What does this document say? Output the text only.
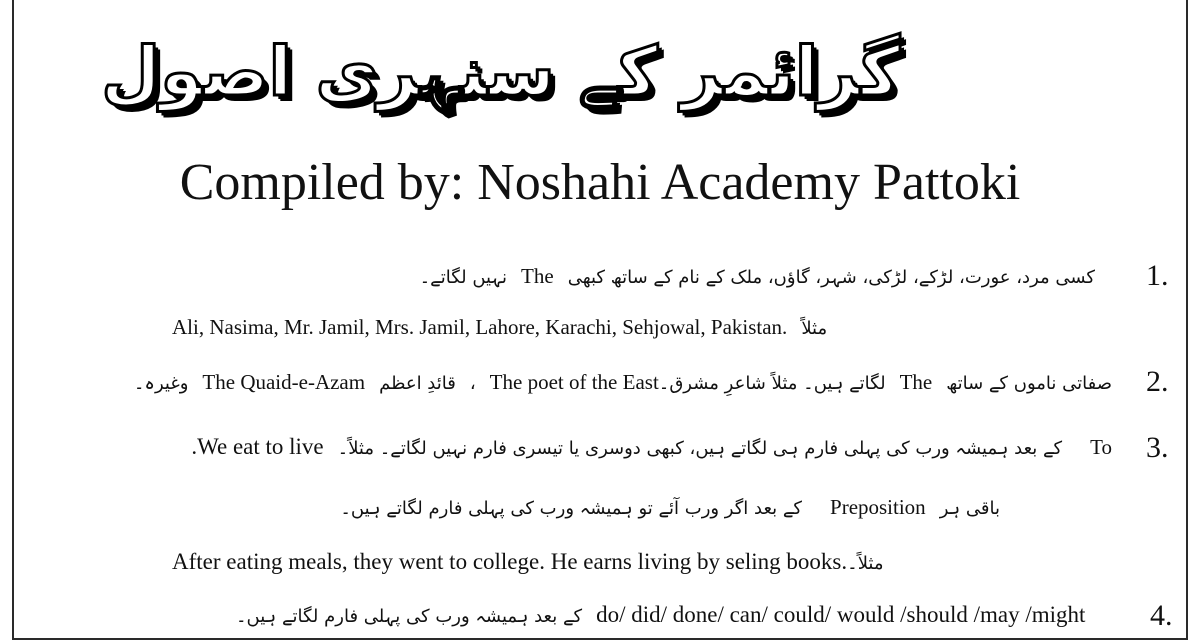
گرائمر کے سنہری اصول
Compiled by: Noshahi Academy Pattoki
1.
کسی مرد، عورت، لڑکے، لڑکی، شہر، گاؤں، ملک کے نام کے ساتھ کبھی
The
نہیں لگاتے۔
Ali, Nasima, Mr. Jamil, Mrs. Jamil, Lahore, Karachi, Sehjowal, Pakistan. مثلاً
2.
صفاتی ناموں کے ساتھ
The
لگاتے ہیں۔ مثلاً شاعرِ مشرق۔
The poet of the East
،
قائدِ اعظم
The Quaid-e-Azam
وغیرہ۔
3.
To
کے بعد ہمیشہ ورب کی پہلی فارم ہی لگاتے ہیں، کبھی دوسری یا تیسری فارم نہیں لگاتے۔ مثلاً۔
We eat to live.
باقی ہر
Preposition
کے بعد اگر ورب آئے تو ہمیشہ ورب کی پہلی فارم لگاتے ہیں۔
After eating meals, they went to college. He earns living by seling books. مثلاً۔
.4
کے بعد ہمیشہ ورب کی پہلی فارم لگاتے ہیں۔ do/ did/ done/ can/ could/ would /should /may /might
